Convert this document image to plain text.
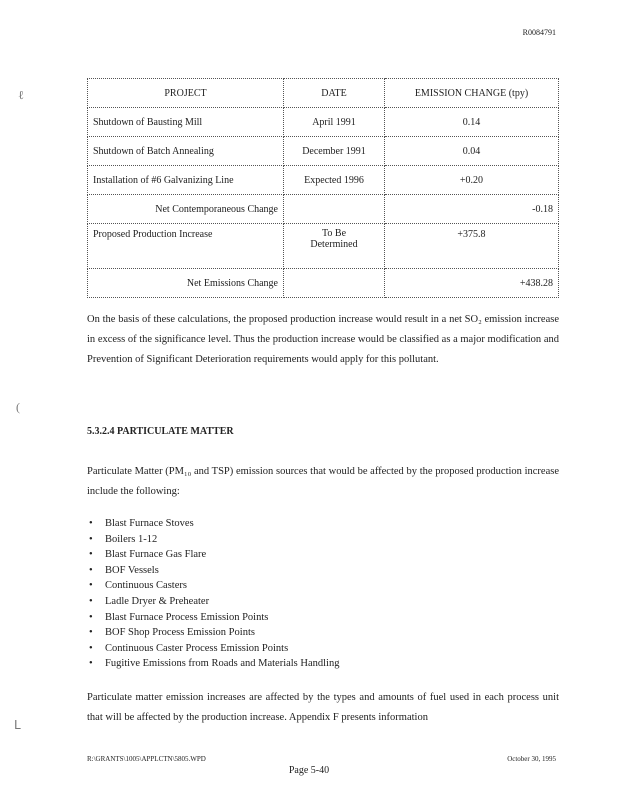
R0084791
ℓ
(
ᒪ
PROJECT	DATE	EMISSION CHANGE (tpy)
Shutdown of Bausting Mill	April 1991	0.14
Shutdown of Batch Annealing	December 1991	0.04
Installation of #6 Galvanizing Line	Expected 1996	+0.20
Net Contemporaneous Change		-0.18
Proposed Production Increase	To Be Determined	+375.8
Net Emissions Change		+438.28
On the basis of these calculations, the proposed production increase would result in a net SO₂ emission increase in excess of the significance level. Thus the production increase would be classified as a major modification and Prevention of Significant Deterioration requirements would apply for this pollutant.
5.3.2.4 PARTICULATE MATTER
Particulate Matter (PM₁₀ and TSP) emission sources that would be affected by the proposed production increase include the following:
• Blast Furnace Stoves
• Boilers 1-12
• Blast Furnace Gas Flare
• BOF Vessels
• Continuous Casters
• Ladle Dryer & Preheater
• Blast Furnace Process Emission Points
• BOF Shop Process Emission Points
• Continuous Caster Process Emission Points
• Fugitive Emissions from Roads and Materials Handling
Particulate matter emission increases are affected by the types and amounts of fuel used in each process unit that will be affected by the production increase. Appendix F presents information
R:\GRANTS\1005\APPLCTN\5805.WPD	October 30, 1995
Page 5-40
